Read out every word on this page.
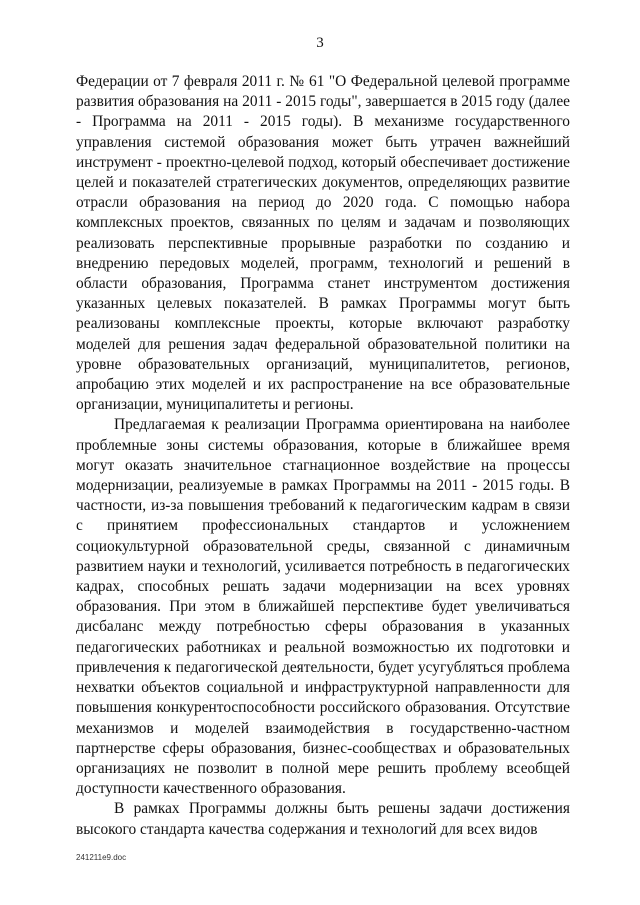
3

Федерации от 7 февраля 2011 г. № 61 "О Федеральной целевой программе развития образования на 2011 - 2015 годы", завершается в 2015 году (далее - Программа на 2011 - 2015 годы). В механизме государственного управления системой образования может быть утрачен важнейший инструмент - проектно-целевой подход, который обеспечивает достижение целей и показателей стратегических документов, определяющих развитие отрасли образования на период до 2020 года. С помощью набора комплексных проектов, связанных по целям и задачам и позволяющих реализовать перспективные прорывные разработки по созданию и внедрению передовых моделей, программ, технологий и решений в области образования, Программа станет инструментом достижения указанных целевых показателей. В рамках Программы могут быть реализованы комплексные проекты, которые включают разработку моделей для решения задач федеральной образовательной политики на уровне образовательных организаций, муниципалитетов, регионов, апробацию этих моделей и их распространение на все образовательные организации, муниципалитеты и регионы.

Предлагаемая к реализации Программа ориентирована на наиболее проблемные зоны системы образования, которые в ближайшее время могут оказать значительное стагнационное воздействие на процессы модернизации, реализуемые в рамках Программы на 2011 - 2015 годы. В частности, из-за повышения требований к педагогическим кадрам в связи с принятием профессиональных стандартов и усложнением социокультурной образовательной среды, связанной с динамичным развитием науки и технологий, усиливается потребность в педагогических кадрах, способных решать задачи модернизации на всех уровнях образования. При этом в ближайшей перспективе будет увеличиваться дисбаланс между потребностью сферы образования в указанных педагогических работниках и реальной возможностью их подготовки и привлечения к педагогической деятельности, будет усугубляться проблема нехватки объектов социальной и инфраструктурной направленности для повышения конкурентоспособности российского образования. Отсутствие механизмов и моделей взаимодействия в государственно-частном партнерстве сферы образования, бизнес-сообществах и образовательных организациях не позволит в полной мере решить проблему всеобщей доступности качественного образования.

В рамках Программы должны быть решены задачи достижения высокого стандарта качества содержания и технологий для всех видов

241211е9.doc
